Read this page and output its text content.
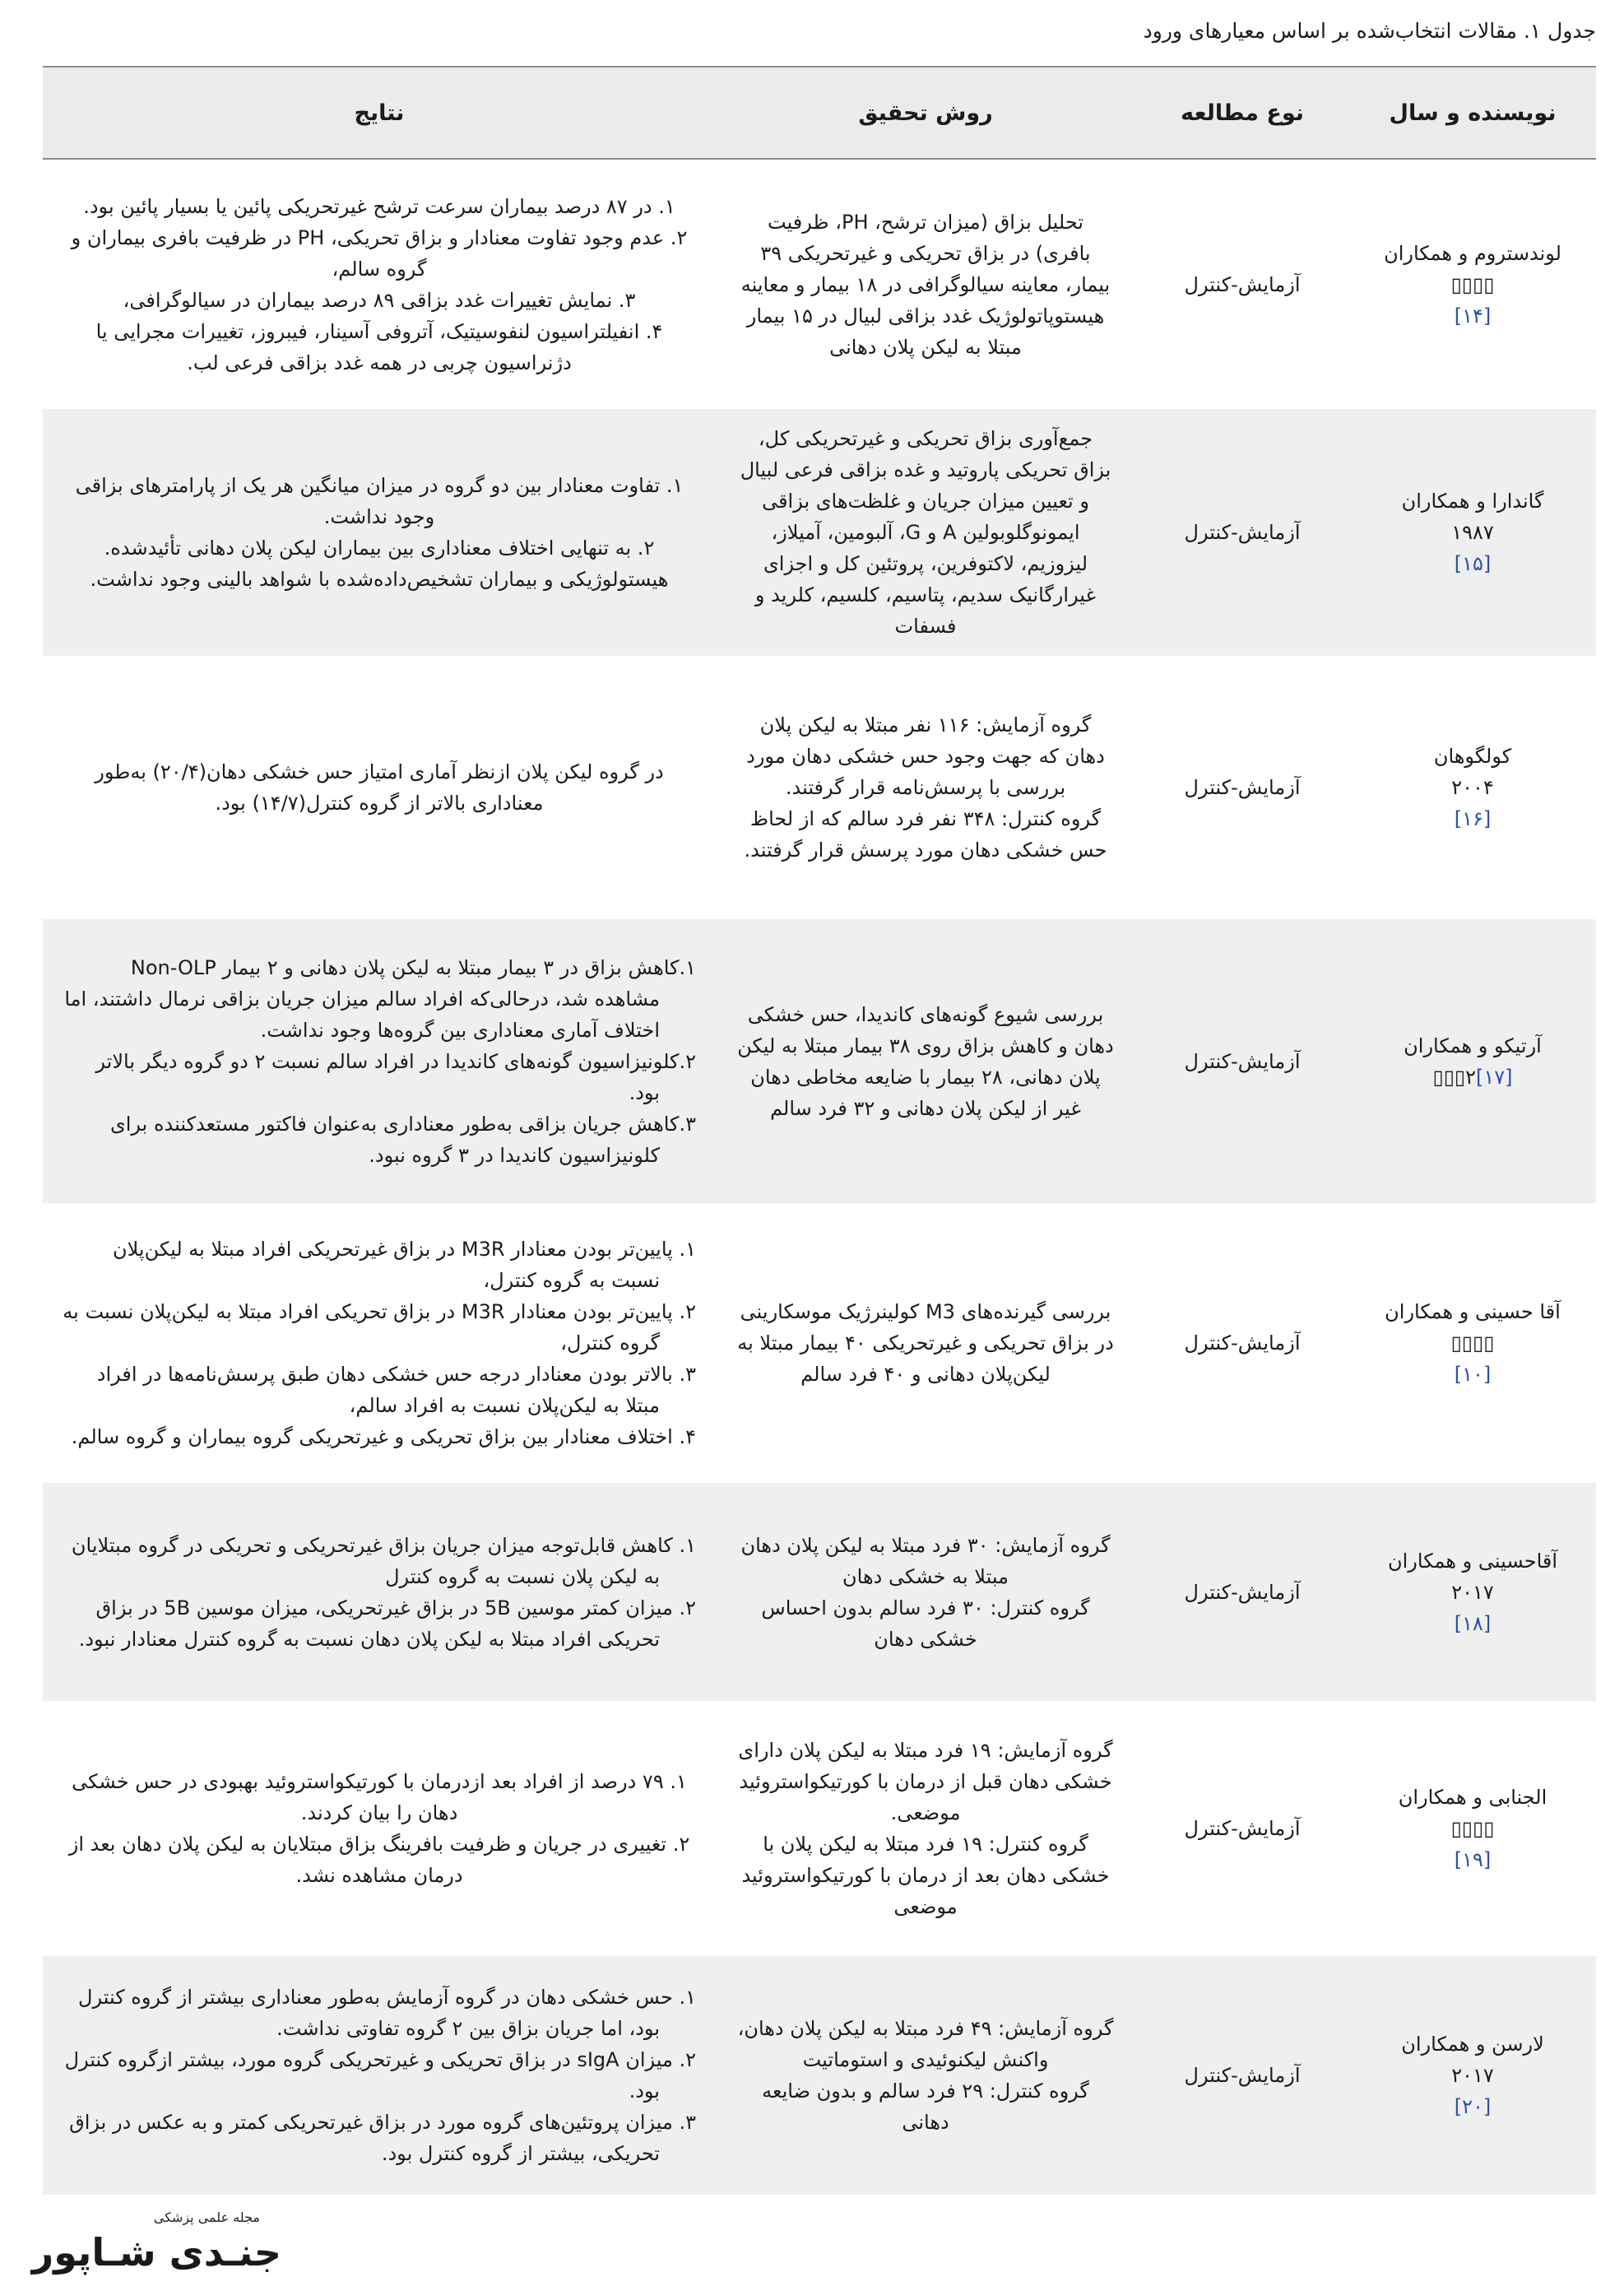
جدول ۱. مقالات انتخاب‌شده بر اساس معیارهای ورود
نویسنده و سال
نوع مطالعه
روش تحقیق
نتایج
لوندستروم و همکاران
▯▯▯▯
[۱۴]
آزمایش-کنترل

تحلیل بزاق (میزان ترشح، PH، ظرفیت بافری) در بزاق تحریکی و غیرتحریکی ۳۹ بیمار، معاینه سیالوگرافی در ۱۸ بیمار و معاینه هیستوپاتولوژیک غدد بزاقی لبیال در ۱۵ بیمار مبتلا به لیکن پلان دهانی

۱. در ۸۷ درصد بیماران سرعت ترشح غیرتحریکی پائین یا بسیار پائین بود.

۲. عدم وجود تفاوت معنادار و بزاق تحریکی، PH در ظرفیت بافری بیماران و گروه سالم،

۳. نمایش تغییرات غدد بزاقی ۸۹ درصد بیماران در سیالوگرافی،

۴. انفیلتراسیون لنفوسیتیک، آتروفی آسینار، فیبروز، تغییرات مجرایی یا دژنراسیون چربی در همه غدد بزاقی فرعی لب.

گاندارا و همکاران
۱۹۸۷
[۱۵]
آزمایش-کنترل

جمع‌آوری بزاق تحریکی و غیرتحریکی کل، بزاق تحریکی پاروتید و غده بزاقی فرعی لبیال و تعیین میزان جریان و غلظت‌های بزاقی ایمونوگلوبولین A و G، آلبومین، آمیلاز، لیزوزیم، لاکتوفرین، پروتئین کل و اجزای غیرارگانیک سدیم، پتاسیم، کلسیم، کلرید و فسفات

۱. تفاوت معنادار بین دو گروه در میزان میانگین هر یک از پارامترهای بزاقی وجود نداشت.

۲. به تنهایی اختلاف معناداری بین بیماران لیکن پلان دهانی تأئیدشده. هیستولوژیکی و بیماران تشخیص‌داده‌شده با شواهد بالینی وجود نداشت.

کولگوهان
۲۰۰۴
[۱۶]
آزمایش-کنترل

گروه آزمایش: ۱۱۶ نفر مبتلا به لیکن پلان دهان که جهت وجود حس خشکی دهان مورد بررسی با پرسش‌نامه قرار گرفتند.

گروه کنترل: ۳۴۸ نفر فرد سالم که از لحاظ حس خشکی دهان مورد پرسش قرار گرفتند.

در گروه لیکن پلان ازنظر آماری امتیاز حس خشکی دهان(۲۰/۴) به‌طور معناداری بالاتر از گروه کنترل(۱۴/۷) بود.

آرتیکو و همکاران
[۱۷]۲▯▯▯
آزمایش-کنترل

بررسی شیوع گونه‌های کاندیدا، حس خشکی دهان و کاهش بزاق روی ۳۸ بیمار مبتلا به لیکن پلان دهانی، ۲۸ بیمار با ضایعه مخاطی دهان غیر از لیکن پلان دهانی و ۳۲ فرد سالم

۱.کاهش بزاق در ۳ بیمار مبتلا به لیکن پلان دهانی و ۲ بیمار Non-OLP مشاهده شد، درحالی‌که افراد سالم میزان جریان بزاقی نرمال داشتند، اما اختلاف آماری معناداری بین گروه‌ها وجود نداشت.

۲.کلونیزاسیون گونه‌های کاندیدا در افراد سالم نسبت ۲ دو گروه دیگر بالاتر بود.

۳.کاهش جریان بزاقی به‌طور معناداری به‌عنوان فاکتور مستعدکننده برای کلونیزاسیون کاندیدا در ۳ گروه نبود.

آقا حسینی و همکاران
▯▯▯▯
[۱۰]
آزمایش-کنترل

بررسی گیرنده‌های M3 کولینرژیک موسکارینی در بزاق تحریکی و غیرتحریکی ۴۰ بیمار مبتلا به لیکن‌پلان دهانی و ۴۰ فرد سالم

۱. پایین‌تر بودن معنادار M3R در بزاق غیرتحریکی افراد مبتلا به لیکن‌پلان نسبت به گروه کنترل،

۲. پایین‌تر بودن معنادار M3R در بزاق تحریکی افراد مبتلا به لیکن‌پلان نسبت به گروه کنترل،

۳. بالاتر بودن معنادار درجه حس خشکی دهان طبق پرسش‌نامه‌ها در افراد مبتلا به لیکن‌پلان نسبت به افراد سالم،

۴. اختلاف معنادار بین بزاق تحریکی و غیرتحریکی گروه بیماران و گروه سالم.

آقاحسینی و همکاران
۲۰۱۷
[۱۸]
آزمایش-کنترل

گروه آزمایش: ۳۰ فرد مبتلا به لیکن پلان دهان مبتلا به خشکی دهان

گروه کنترل: ۳۰ فرد سالم بدون احساس خشکی دهان

۱. کاهش قابل‌توجه میزان جریان بزاق غیرتحریکی و تحریکی در گروه مبتلایان به لیکن پلان نسبت به گروه کنترل

۲. میزان کمتر موسین 5B در بزاق غیرتحریکی، میزان موسین 5B در بزاق تحریکی افراد مبتلا به لیکن پلان دهان نسبت به گروه کنترل معنادار نبود.

الجنابی و همکاران
▯▯▯▯
[۱۹]
آزمایش-کنترل

گروه آزمایش: ۱۹ فرد مبتلا به لیکن پلان دارای خشکی دهان قبل از درمان با کورتیکواستروئید موضعی.

گروه کنترل: ۱۹ فرد مبتلا به لیکن پلان با خشکی دهان بعد از درمان با کورتیکواستروئید موضعی

۱. ۷۹ درصد از افراد بعد ازدرمان با کورتیکواستروئید بهبودی در حس خشکی دهان را بیان کردند.

۲. تغییری در جریان و ظرفیت بافرینگ بزاق مبتلایان به لیکن پلان دهان بعد از درمان مشاهده نشد.

لارسن و همکاران
۲۰۱۷
[۲۰]
آزمایش-کنترل

گروه آزمایش: ۴۹ فرد مبتلا به لیکن پلان دهان، واکنش لیکنوئیدی و استوماتیت

گروه کنترل: ۲۹ فرد سالم و بدون ضایعه دهانی

۱. حس خشکی دهان در گروه آزمایش به‌طور معناداری بیشتر از گروه کنترل بود، اما جریان بزاق بین ۲ گروه تفاوتی نداشت.

۲. میزان sIgA در بزاق تحریکی و غیرتحریکی گروه مورد، بیشتر ازگروه کنترل بود.

۳. میزان پروتئین‌های گروه مورد در بزاق غیرتحریکی کمتر و به عکس در بزاق تحریکی، بیشتر از گروه کنترل بود.

مجله علمی پزشکی
جنـدی شـاپور
